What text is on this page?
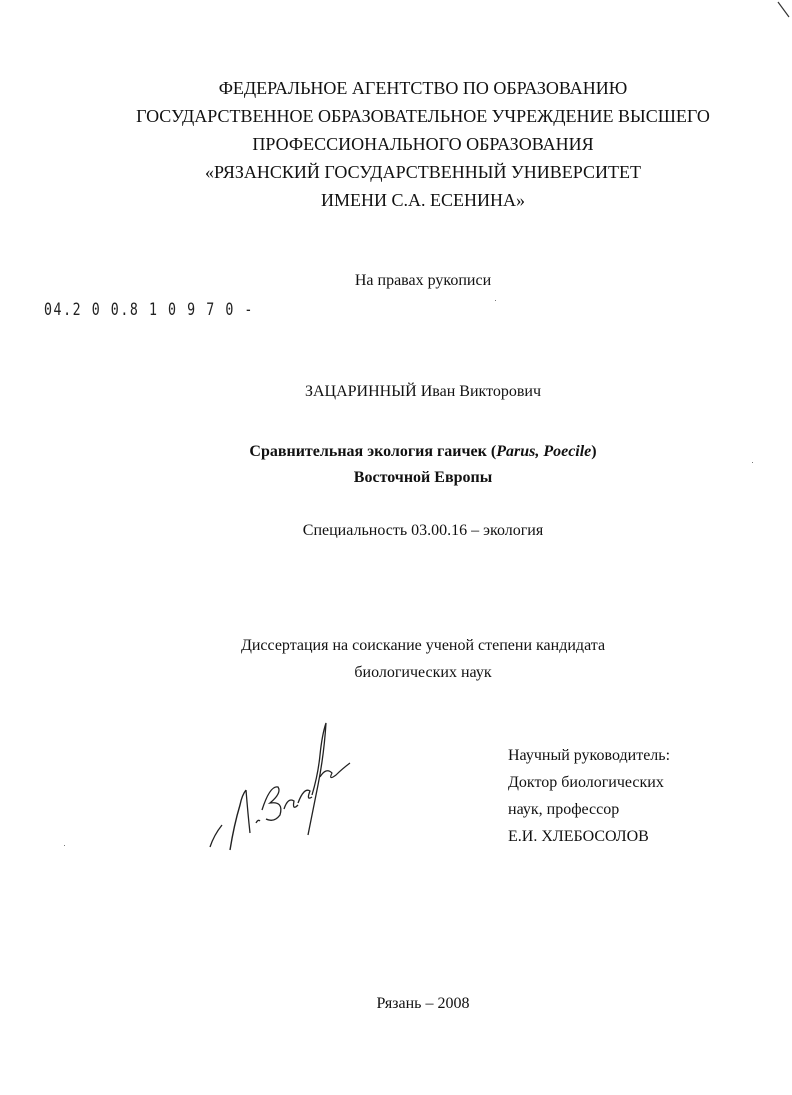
ФЕДЕРАЛЬНОЕ АГЕНТСТВО ПО ОБРАЗОВАНИЮ
ГОСУДАРСТВЕННОЕ ОБРАЗОВАТЕЛЬНОЕ УЧРЕЖДЕНИЕ ВЫСШЕГО
ПРОФЕССИОНАЛЬНОГО ОБРАЗОВАНИЯ
«РЯЗАНСКИЙ ГОСУДАРСТВЕННЫЙ УНИВЕРСИТЕТ
ИМЕНИ С.А. ЕСЕНИНА»
На правах рукописи
04.2 0 0.8 1 0 9 7 0 -
ЗАЦАРИННЫЙ Иван Викторович
Сравнительная экология гаичек (Parus, Poecile)
Восточной Европы
Специальность 03.00.16 – экология
Диссертация на соискание ученой степени кандидата
биологических наук
Научный руководитель:
Доктор биологических
наук, профессор
Е.И. ХЛЕБОСОЛОВ
Рязань – 2008
